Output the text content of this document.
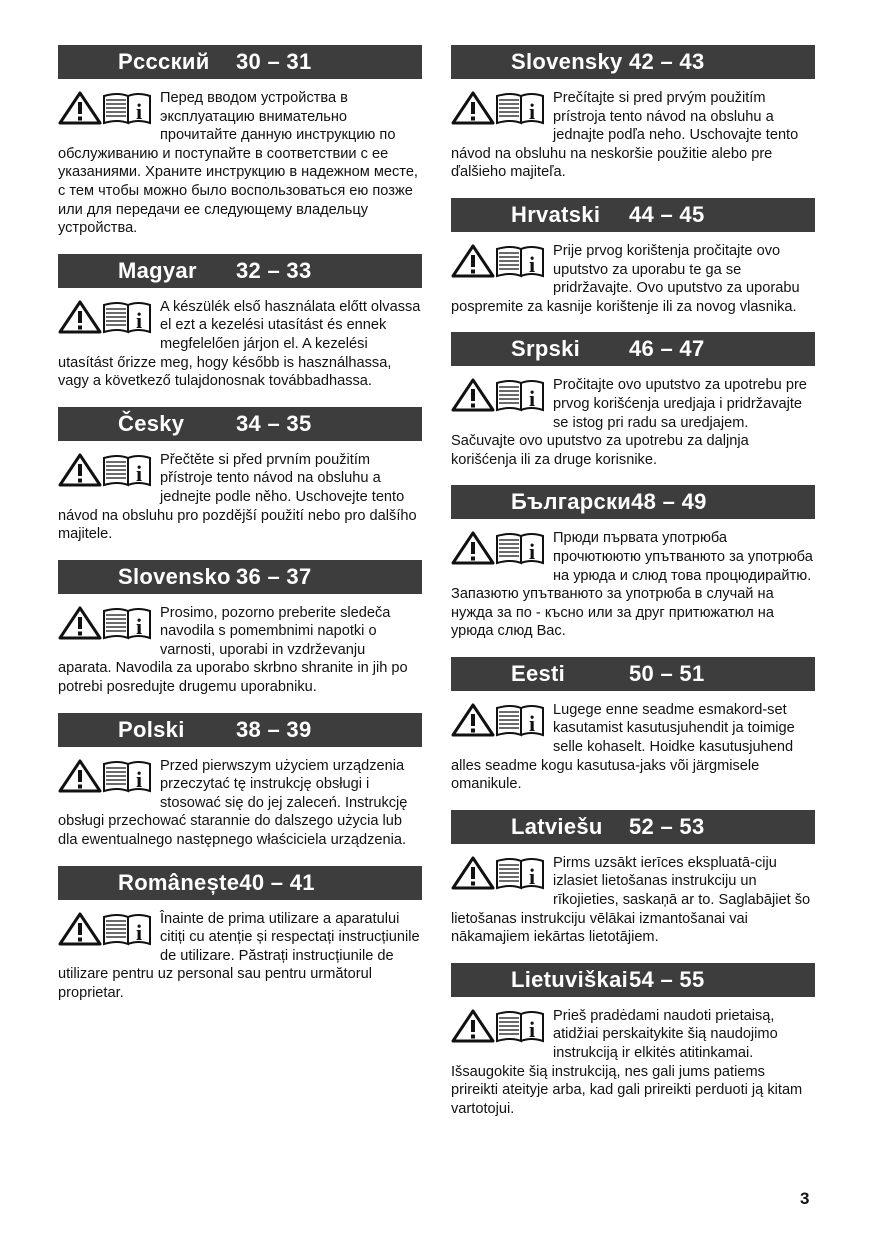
Pcсский	30 – 31
i

Перед вводом устройства в эксплуатацию внимательно прочитайте данную инструкцию по обслуживанию и поступайте в соответствии с ее указаниями. Храните инструкцию в надежном месте, с тем чтобы можно было воспользоваться ею позже или для передачи ее следующему владельцу устройства.

Magyar	32 – 33
i

A készülék első használata előtt olvassa el ezt a kezelési utasítást és ennek megfelelően járjon el. A kezelési utasítást őrizze meg, hogy később is használhassa, vagy a következő tulajdonosnak továbbadhassa.

Česky	34 – 35
i

Přečtěte si před prvním použitím přístroje tento návod na obsluhu a jednejte podle něho. Uschovejte tento návod na obsluhu pro pozdější použití nebo pro dalšího majitele.

Slovensko 36 – 37
i

Prosimo, pozorno preberite sledeča navodila s pomembnimi napotki o varnosti, uporabi in vzdrževanju aparata. Navodila za uporabo skrbno shranite in jih po potrebi posredujte drugemu uporabniku.

Polski	38 – 39
i

Przed pierwszym użyciem urządzenia przeczytać tę instrukcję obsługi i stosować się do jej zaleceń. Instrukcję obsługi przechować starannie do dalszego użycia lub dla ewentualnego następnego właściciela urządzenia.

Românește 40 – 41
i

Înainte de prima utilizare a aparatului citiți cu atenție și respectați instrucțiunile de utilizare. Păstrați instrucțiunile de utilizare pentru uz personal sau pentru următorul proprietar.

Slovensky 42 – 43
i

Prečítajte si pred prvým použitím prístroja tento návod na obsluhu a jednajte podľa neho. Uschovajte tento návod na obsluhu na neskoršie použitie alebo pre ďalšieho majiteľa.

Hrvatski	44 – 45
i

Prije prvog korištenja pročitajte ovo uputstvo za uporabu te ga se pridržavajte. Ovo uputstvo za uporabu pospremite za kasnije korištenje ili za novog vlasnika.

Srpski	46 – 47
i

Pročitajte ovo uputstvo za upotrebu pre prvog korišćenja uredjaja i pridržavajte se istog pri radu sa uredjajem. Sačuvajte ovo uputstvo za upotrebu za daljnja korišćenja ili za druge korisnike.

Български 48 – 49
i

Прюди първата употрюба прочютюютю упътванюто за употрюба на урюда и слюд това процюдирайтю. Запазютю упътванюто за употрюба в случай на нужда за по - късно или за друг притюжатюл на урюда слюд Вас.

Eesti	50 – 51
i

Lugege enne seadme esmakord-set kasutamist kasutusjuhendit ja toimige selle kohaselt. Hoidke kasutusjuhend alles seadme kogu kasutusa-jaks või järgmisele omanikule.

Latviešu	52 – 53
i

Pirms uzsākt ierīces ekspluatā-ciju izlasiet lietošanas instrukciju un rīkojieties, saskaņā ar to. Saglabājiet šo lietošanas instrukciju vēlākai izmantošanai vai nākamajiem iekārtas lietotājiem.

Lietuviškai 54 – 55
i

Prieš pradėdami naudoti prietaisą, atidžiai perskaitykite šią naudojimo instrukciją ir elkitės atitinkamai. Išsaugokite šią instrukciją, nes gali jums patiems prireikti ateityje arba, kad gali prireikti perduoti ją kitam vartotojui.

3
